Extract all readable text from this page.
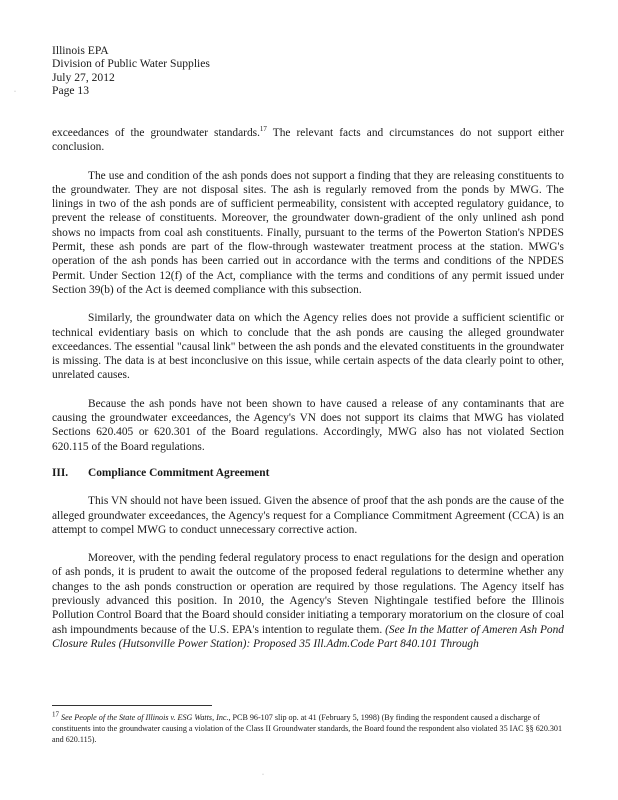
Illinois EPA
Division of Public Water Supplies
July 27, 2012
Page 13

exceedances of the groundwater standards.$^{17}$ The relevant facts and circumstances do not support either conclusion.

The use and condition of the ash ponds does not support a finding that they are releasing constituents to the groundwater. They are not disposal sites. The ash is regularly removed from the ponds by MWG. The linings in two of the ash ponds are of sufficient permeability, consistent with accepted regulatory guidance, to prevent the release of constituents. Moreover, the groundwater down-gradient of the only unlined ash pond shows no impacts from coal ash constituents. Finally, pursuant to the terms of the Powerton Station's NPDES Permit, these ash ponds are part of the flow-through wastewater treatment process at the station. MWG's operation of the ash ponds has been carried out in accordance with the terms and conditions of the NPDES Permit. Under Section 12(f) of the Act, compliance with the terms and conditions of any permit issued under Section 39(b) of the Act is deemed compliance with this subsection.

Similarly, the groundwater data on which the Agency relies does not provide a sufficient scientific or technical evidentiary basis on which to conclude that the ash ponds are causing the alleged groundwater exceedances. The essential "causal link" between the ash ponds and the elevated constituents in the groundwater is missing. The data is at best inconclusive on this issue, while certain aspects of the data clearly point to other, unrelated causes.

Because the ash ponds have not been shown to have caused a release of any contaminants that are causing the groundwater exceedances, the Agency's VN does not support its claims that MWG has violated Sections 620.405 or 620.301 of the Board regulations. Accordingly, MWG also has not violated Section 620.115 of the Board regulations.

III.	Compliance Commitment Agreement

This VN should not have been issued. Given the absence of proof that the ash ponds are the cause of the alleged groundwater exceedances, the Agency's request for a Compliance Commitment Agreement (CCA) is an attempt to compel MWG to conduct unnecessary corrective action.

Moreover, with the pending federal regulatory process to enact regulations for the design and operation of ash ponds, it is prudent to await the outcome of the proposed federal regulations to determine whether any changes to the ash ponds construction or operation are required by those regulations. The Agency itself has previously advanced this position. In 2010, the Agency's Steven Nightingale testified before the Illinois Pollution Control Board that the Board should consider initiating a temporary moratorium on the closure of coal ash impoundments because of the U.S. EPA's intention to regulate them. (See In the Matter of Ameren Ash Pond Closure Rules (Hutsonville Power Station): Proposed 35 Ill.Adm.Code Part 840.101 Through

$^{17}$ See People of the State of Illinois v. ESG Watts, Inc., PCB 96-107 slip op. at 41 (February 5, 1998) (By finding the respondent caused a discharge of constituents into the groundwater causing a violation of the Class II Groundwater standards, the Board found the respondent also violated 35 IAC §§ 620.301 and 620.115).

·
·
